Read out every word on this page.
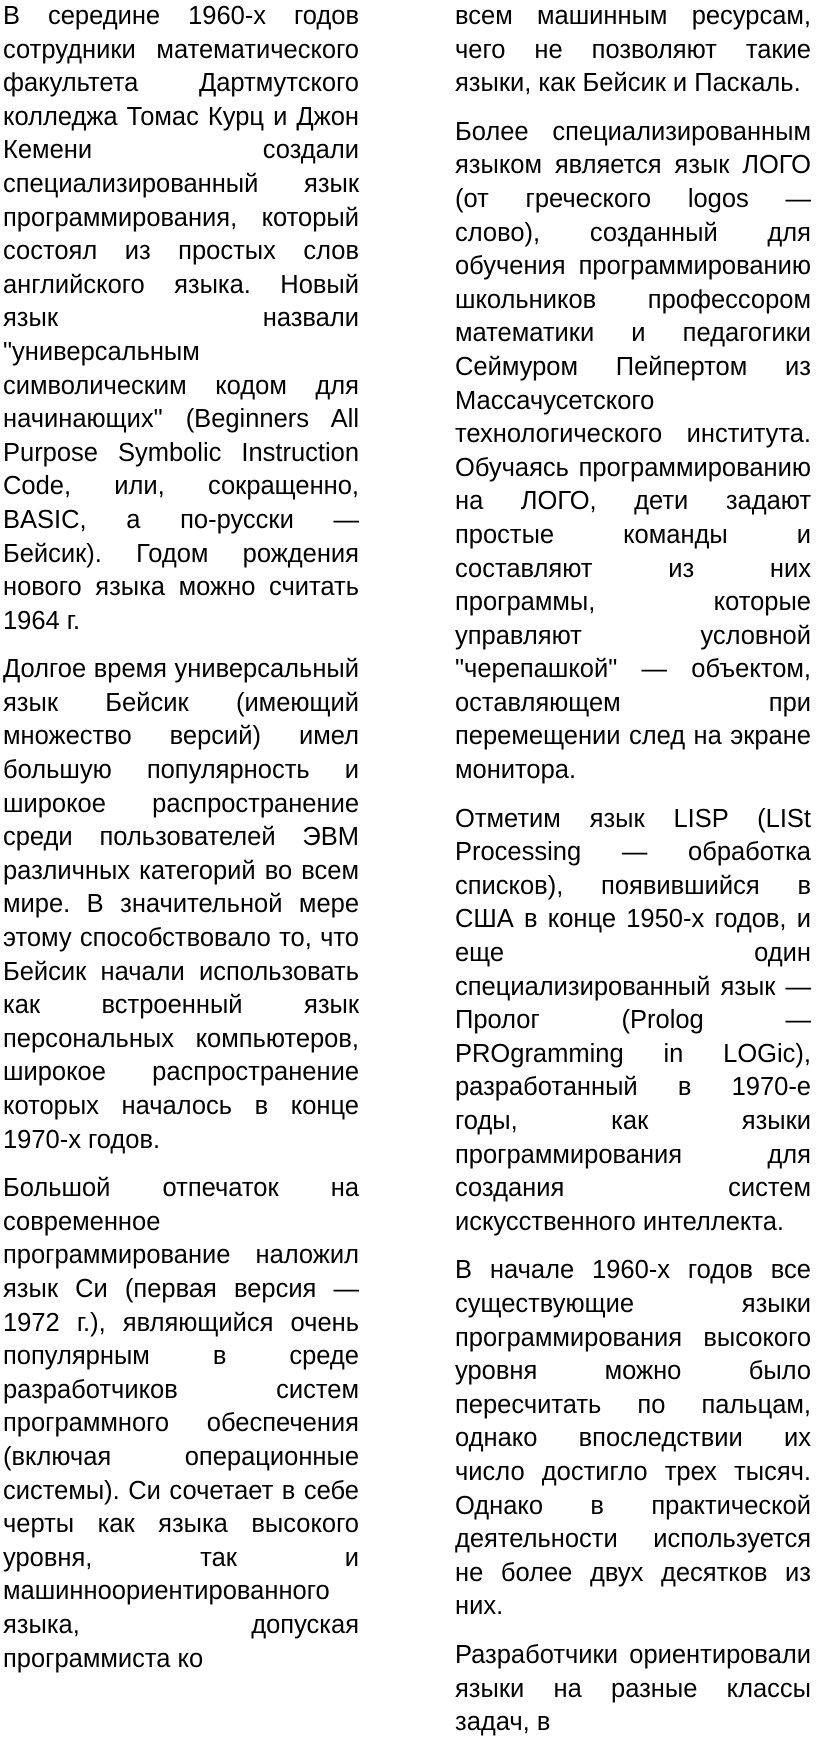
В середине 1960-х годов сотрудники математического факультета Дартмутского колледжа Томас Курц и Джон Кемени создали специализированный язык программирования, который состоял из простых слов английского языка. Новый язык назвали "универсальным символическим кодом для начинающих" (Beginners All Purpose Symbolic Instruction Code, или, сокращенно, BASIC, а по-русски — Бейсик). Годом рождения нового языка можно считать 1964 г.

Долгое время универсальный язык Бейсик (имеющий множество версий) имел большую популярность и широкое распространение среди пользователей ЭВМ различных категорий во всем мире. В значительной мере этому способствовало то, что Бейсик начали использовать как встроенный язык персональных компьютеров, широкое распространение которых началось в конце 1970-х годов.

Большой отпечаток на современное программирование наложил язык Си (первая версия — 1972 г.), являющийся очень популярным в среде разработчиков систем программного обеспечения (включая операционные системы). Си сочетает в себе черты как языка высокого уровня, так и машинноориентированного языка, допуская программиста ко

всем машинным ресурсам, чего не позволяют такие языки, как Бейсик и Паскаль.

Более специализированным языком является язык ЛОГО (от греческого logos — слово), созданный для обучения программированию школьников профессором математики и педагогики Сеймуром Пейпертом из Массачусетского технологического института. Обучаясь программированию на ЛОГО, дети задают простые команды и составляют из них программы, которые управляют условной "черепашкой" — объектом, оставляющем при перемещении след на экране монитора.

Отметим язык LISP (LISt Processing — обработка списков), появившийся в США в конце 1950-х годов, и еще один специализированный язык — Пролог (Prolog — PROgramming in LOGic), разработанный в 1970-е годы, как языки программирования для создания систем искусственного интеллекта.

В начале 1960-х годов все существующие языки программирования высокого уровня можно было пересчитать по пальцам, однако впоследствии их число достигло трех тысяч. Однако в практической деятельности используется не более двух десятков из них.

Разработчики ориентировали языки на разные классы задач, в
